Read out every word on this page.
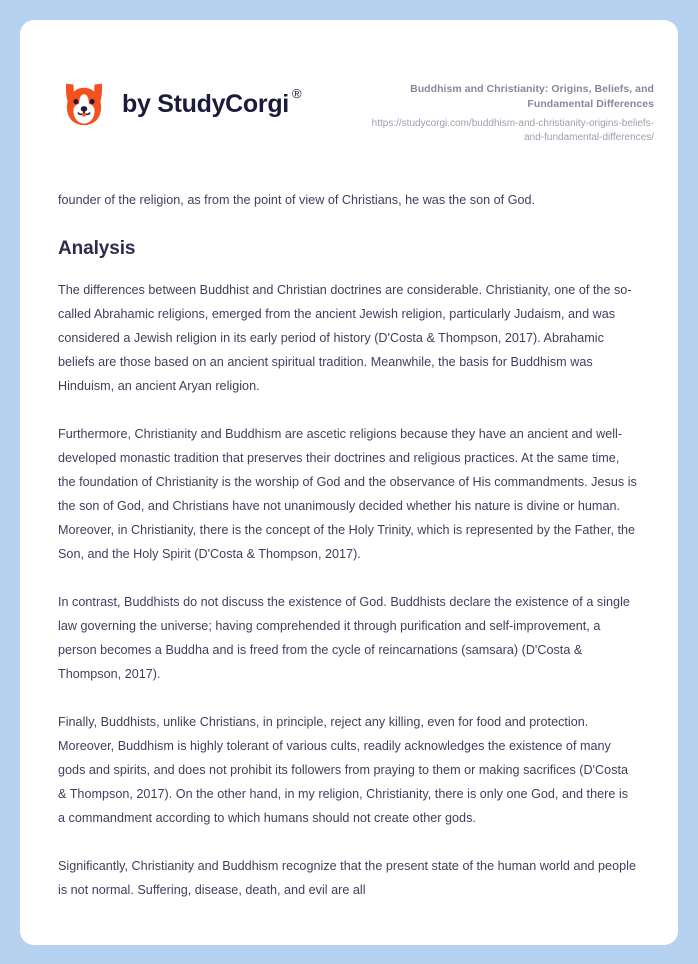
by StudyCorgi ®	Buddhism and Christianity: Origins, Beliefs, and Fundamental Differences
https://studycorgi.com/buddhism-and-christianity-origins-beliefs-and-fundamental-differences/

founder of the religion, as from the point of view of Christians, he was the son of God.

Analysis

The differences between Buddhist and Christian doctrines are considerable. Christianity, one of the so-called Abrahamic religions, emerged from the ancient Jewish religion, particularly Judaism, and was considered a Jewish religion in its early period of history (D'Costa & Thompson, 2017). Abrahamic beliefs are those based on an ancient spiritual tradition. Meanwhile, the basis for Buddhism was Hinduism, an ancient Aryan religion.

Furthermore, Christianity and Buddhism are ascetic religions because they have an ancient and well-developed monastic tradition that preserves their doctrines and religious practices. At the same time, the foundation of Christianity is the worship of God and the observance of His commandments. Jesus is the son of God, and Christians have not unanimously decided whether his nature is divine or human. Moreover, in Christianity, there is the concept of the Holy Trinity, which is represented by the Father, the Son, and the Holy Spirit (D'Costa & Thompson, 2017).

In contrast, Buddhists do not discuss the existence of God. Buddhists declare the existence of a single law governing the universe; having comprehended it through purification and self-improvement, a person becomes a Buddha and is freed from the cycle of reincarnations (samsara) (D'Costa & Thompson, 2017).

Finally, Buddhists, unlike Christians, in principle, reject any killing, even for food and protection. Moreover, Buddhism is highly tolerant of various cults, readily acknowledges the existence of many gods and spirits, and does not prohibit its followers from praying to them or making sacrifices (D'Costa & Thompson, 2017). On the other hand, in my religion, Christianity, there is only one God, and there is a commandment according to which humans should not create other gods.

Significantly, Christianity and Buddhism recognize that the present state of the human world and people is not normal. Suffering, disease, death, and evil are all
